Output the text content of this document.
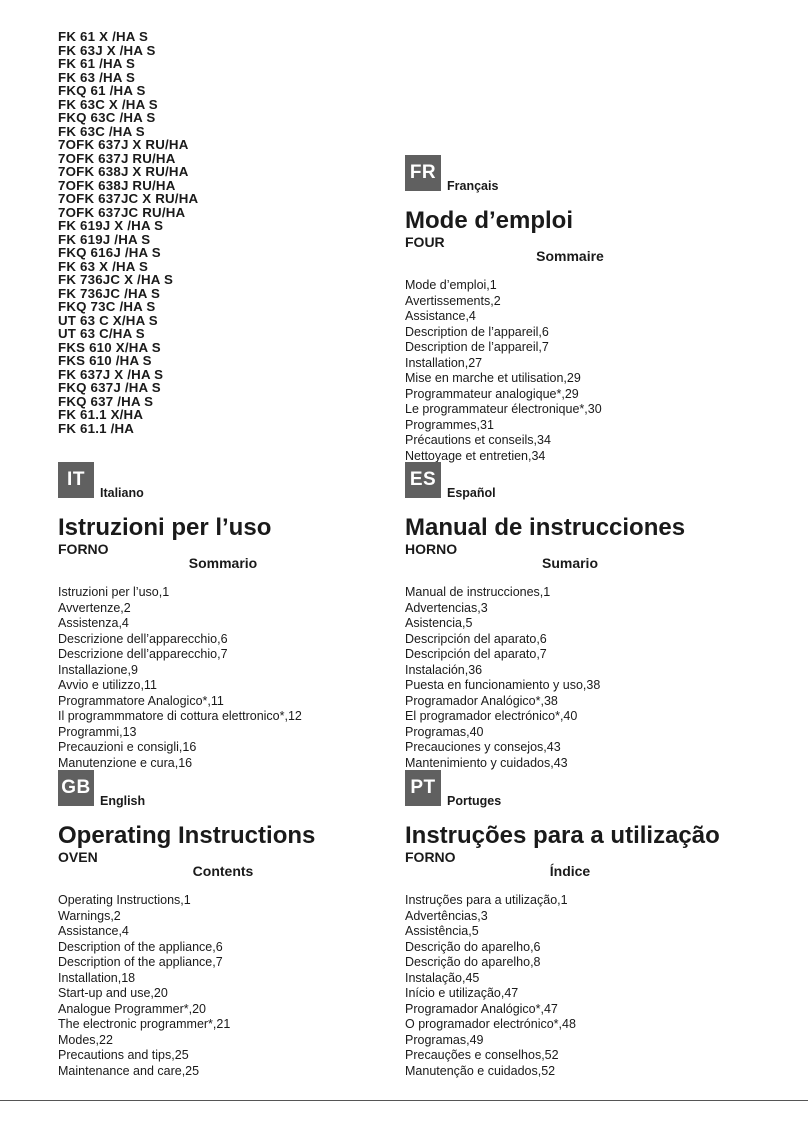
FK 61 X /HA S
FK 63J X /HA S
FK 61 /HA S
FK 63 /HA S
FKQ 61 /HA S
FK 63C X /HA S
FKQ 63C /HA S
FK 63C /HA S
7OFK 637J X RU/HA
7OFK 637J RU/HA
7OFK 638J X RU/HA
7OFK 638J RU/HA
7OFK 637JC X RU/HA
7OFK 637JC RU/HA
FK 619J X /HA S
FK 619J /HA S
FKQ 616J /HA S
FK 63 X /HA S
FK 736JC X /HA S
FK 736JC /HA S
FKQ 73C /HA S
UT 63 C X/HA S
UT 63 C/HA S
FKS 610 X/HA S
FKS 610 /HA S
FK 637J X /HA S
FKQ 637J /HA S
FKQ 637 /HA S
FK 61.1 X/HA
FK 61.1 /HA
FR
Français
Mode d’emploi
FOUR
Sommaire
Mode d’emploi,1
Avertissements,2
Assistance,4
Description de l’appareil,6
Description de l’appareil,7
Installation,27
Mise en marche et utilisation,29
Programmateur analogique*,29
Le programmateur électronique*,30
Programmes,31
Précautions et conseils,34
Nettoyage et entretien,34
IT
Italiano
Istruzioni per l’uso
FORNO
Sommario
Istruzioni per l’uso,1
Avvertenze,2
Assistenza,4
Descrizione dell’apparecchio,6
Descrizione dell’apparecchio,7
Installazione,9
Avvio e utilizzo,11
Programmatore Analogico*,11
Il programmmatore di cottura elettronico*,12
Programmi,13
Precauzioni e consigli,16
Manutenzione e cura,16
ES
Español
Manual de instrucciones
HORNO
Sumario
Manual de instrucciones,1
Advertencias,3
Asistencia,5
Descripción del aparato,6
Descripción del aparato,7
Instalación,36
Puesta en funcionamiento y uso,38
Programador Analógico*,38
El programador electrónico*,40
Programas,40
Precauciones y consejos,43
Mantenimiento y cuidados,43
GB
English
Operating Instructions
OVEN
Contents
Operating Instructions,1
Warnings,2
Assistance,4
Description of the appliance,6
Description of the appliance,7
Installation,18
Start-up and use,20
Analogue Programmer*,20
The electronic programmer*,21
Modes,22
Precautions and tips,25
Maintenance and care,25
PT
Portuges
Instruções para a utilização
FORNO
Índice
Instruções para a utilização,1
Advertências,3
Assistência,5
Descrição do aparelho,6
Descrição do aparelho,8
Instalação,45
Início e utilização,47
Programador Analógico*,47
O programador electrónico*,48
Programas,49
Precauções e conselhos,52
Manutenção e cuidados,52
